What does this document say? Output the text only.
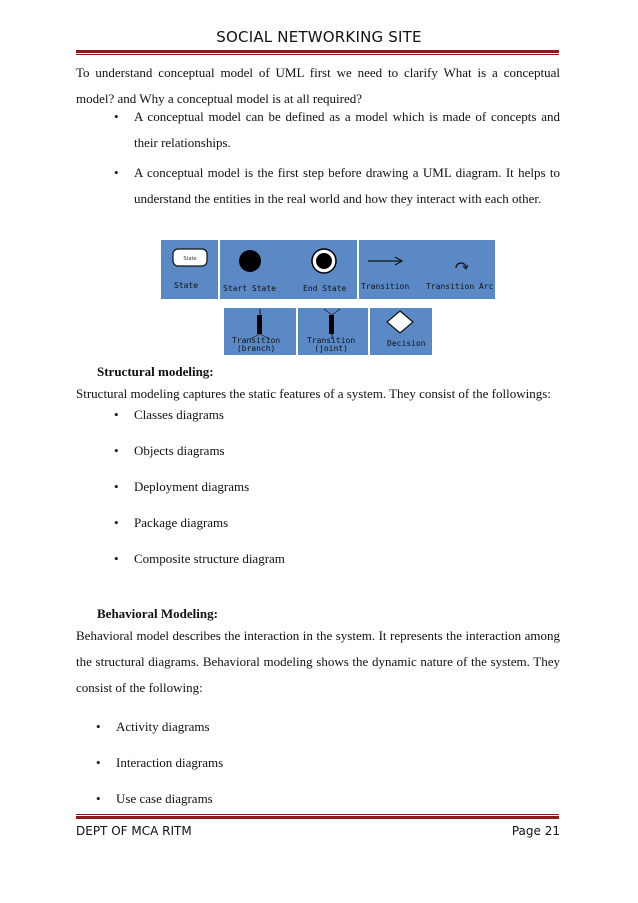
SOCIAL NETWORKING SITE
To understand conceptual model of UML first we need to clarify What is a conceptual model? and Why a conceptual model is at all required?
• A conceptual model can be defined as a model which is made of concepts and their relationships.
• A conceptual model is the first step before drawing a UML diagram. It helps to understand the entities in the real world and how they interact with each other.
State
State	Start State	End State Transition Transition Arc
Transition
(branch)
Transition
(joint)
Decision
Structural modeling:
Structural modeling captures the static features of a system. They consist of the followings:
• Classes diagrams
• Objects diagrams
• Deployment diagrams
• Package diagrams
• Composite structure diagram
Behavioral Modeling:
Behavioral model describes the interaction in the system. It represents the interaction among the structural diagrams. Behavioral modeling shows the dynamic nature of the system. They consist of the following:
• Activity diagrams
• Interaction diagrams
• Use case diagrams
DEPT OF MCA RITM	Page 21
